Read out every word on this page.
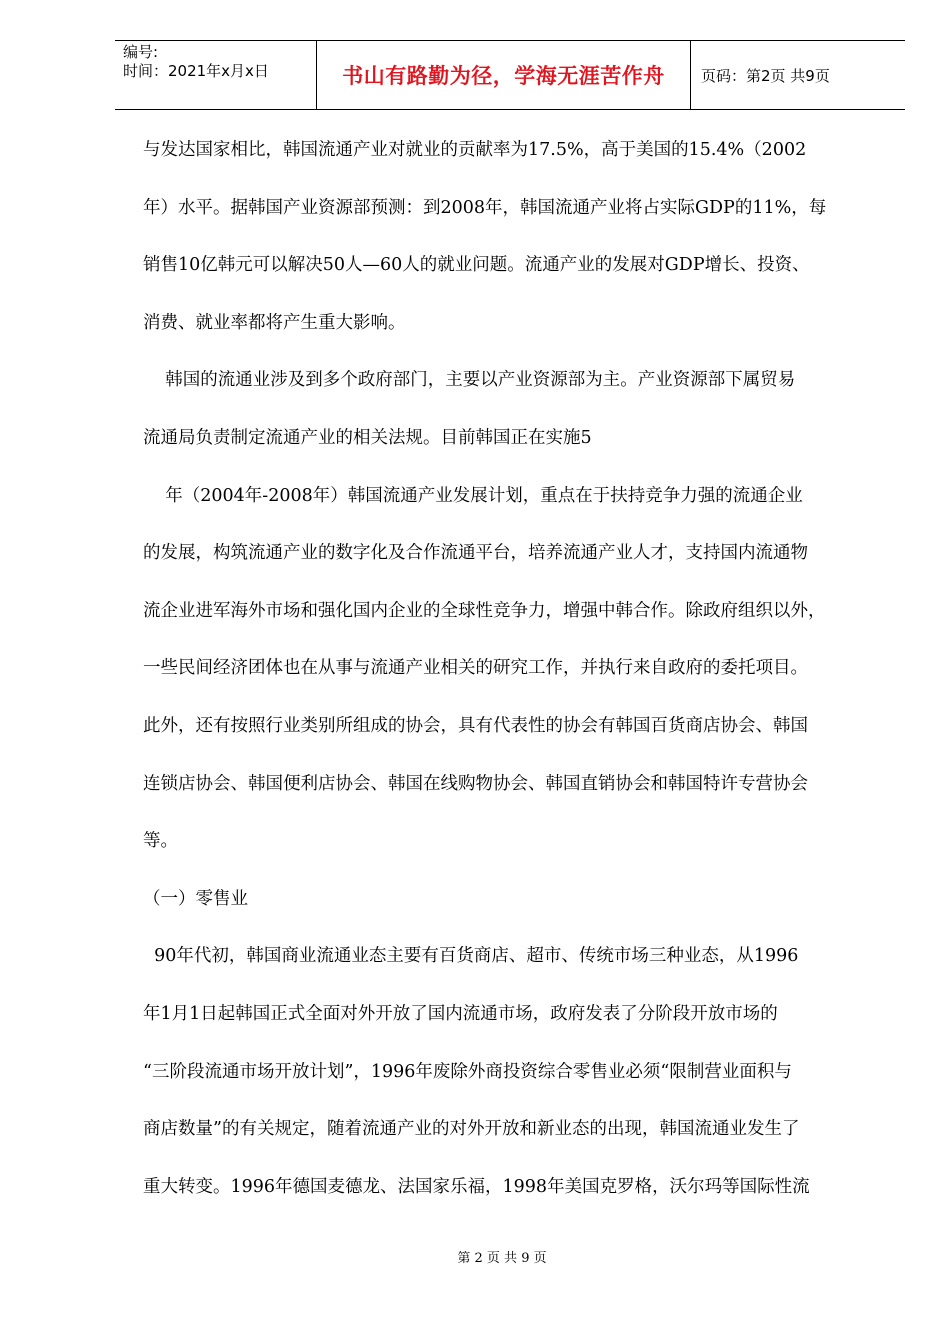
编号:
时间：2021年x月x日	书山有路勤为径，学海无涯苦作舟 页码：第2页 共9页
与发达国家相比，韩国流通产业对就业的贡献率为17.5%，高于美国的15.4%（2002
年）水平。据韩国产业资源部预测：到2008年，韩国流通产业将占实际GDP的11%，每
销售10亿韩元可以解决50人—60人的就业问题。流通产业的发展对GDP增长、投资、
消费、就业率都将产生重大影响。
韩国的流通业涉及到多个政府部门，主要以产业资源部为主。产业资源部下属贸易
流通局负责制定流通产业的相关法规。目前韩国正在实施5
年（2004年-2008年）韩国流通产业发展计划，重点在于扶持竞争力强的流通企业
的发展，构筑流通产业的数字化及合作流通平台，培养流通产业人才，支持国内流通物
流企业进军海外市场和强化国内企业的全球性竞争力，增强中韩合作。除政府组织以外，
一些民间经济团体也在从事与流通产业相关的研究工作，并执行来自政府的委托项目。
此外，还有按照行业类别所组成的协会，具有代表性的协会有韩国百货商店协会、韩国
连锁店协会、韩国便利店协会、韩国在线购物协会、韩国直销协会和韩国特许专营协会
等。
（一）零售业
90年代初，韩国商业流通业态主要有百货商店、超市、传统市场三种业态，从1996
年1月1日起韩国正式全面对外开放了国内流通市场，政府发表了分阶段开放市场的
“三阶段流通市场开放计划”，1996年废除外商投资综合零售业必须“限制营业面积与
商店数量”的有关规定，随着流通产业的对外开放和新业态的出现，韩国流通业发生了
重大转变。1996年德国麦德龙、法国家乐福，1998年美国克罗格，沃尔玛等国际性流
第 2 页 共 9 页
